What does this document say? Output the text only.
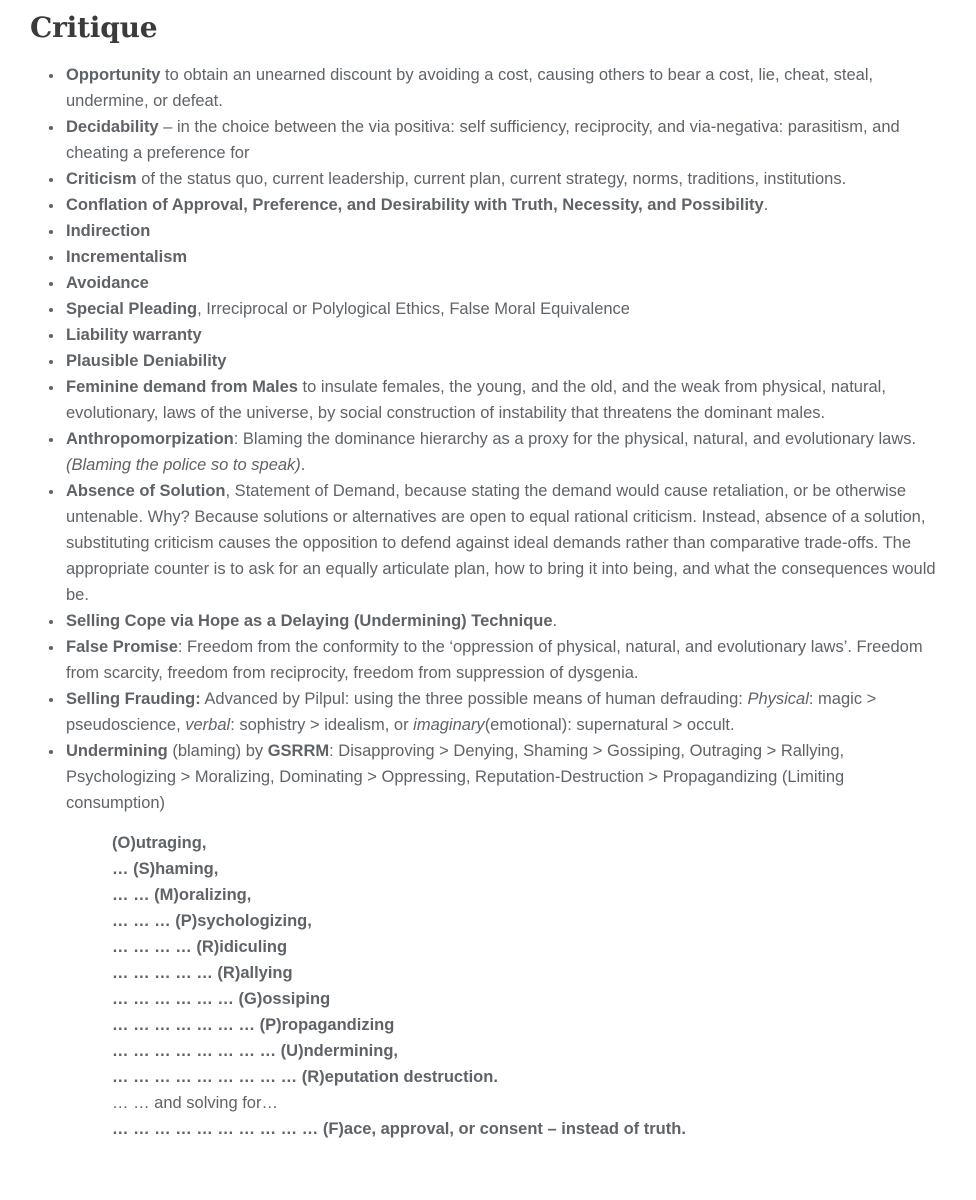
Critique
• Opportunity to obtain an unearned discount by avoiding a cost, causing others to bear a cost, lie, cheat, steal, undermine, or defeat.
• Decidability – in the choice between the via positiva: self sufficiency, reciprocity, and via-negativa: parasitism, and cheating a preference for
• Criticism of the status quo, current leadership, current plan, current strategy, norms, traditions, institutions.
• Conflation of Approval, Preference, and Desirability with Truth, Necessity, and Possibility.
• Indirection
• Incrementalism
• Avoidance
• Special Pleading, Irreciprocal or Polylogical Ethics, False Moral Equivalence
• Liability warranty
• Plausible Deniability
• Feminine demand from Males to insulate females, the young, and the old, and the weak from physical, natural, evolutionary, laws of the universe, by social construction of instability that threatens the dominant males.
• Anthropomorpization: Blaming the dominance hierarchy as a proxy for the physical, natural, and evolutionary laws. (Blaming the police so to speak).
• Absence of Solution, Statement of Demand, because stating the demand would cause retaliation, or be otherwise untenable. Why? Because solutions or alternatives are open to equal rational criticism. Instead, absence of a solution, substituting criticism causes the opposition to defend against ideal demands rather than comparative trade-offs. The appropriate counter is to ask for an equally articulate plan, how to bring it into being, and what the consequences would be.
• Selling Cope via Hope as a Delaying (Undermining) Technique.
• False Promise: Freedom from the conformity to the ‘oppression of physical, natural, and evolutionary laws’. Freedom from scarcity, freedom from reciprocity, freedom from suppression of dysgenia.
• Selling Frauding: Advanced by Pilpul: using the three possible means of human defrauding: Physical: magic > pseudoscience, verbal: sophistry > idealism, or imaginary(emotional): supernatural > occult.
• Undermining (blaming) by GSRRM: Disapproving > Denying, Shaming > Gossiping, Outraging > Rallying, Psychologizing > Moralizing, Dominating > Oppressing, Reputation-Destruction > Propagandizing (Limiting consumption)
(O)utraging,
… (S)haming,
… … (M)oralizing,
… … … (P)sychologizing,
… … … … (R)idiculing
… … … … … (R)allying
… … … … … … (G)ossiping
… … … … … … … (P)ropagandizing
… … … … … … … … (U)ndermining,
… … … … … … … … … (R)eputation destruction.
… … and solving for…
… … … … … … … … … … (F)ace, approval, or consent – instead of truth.
